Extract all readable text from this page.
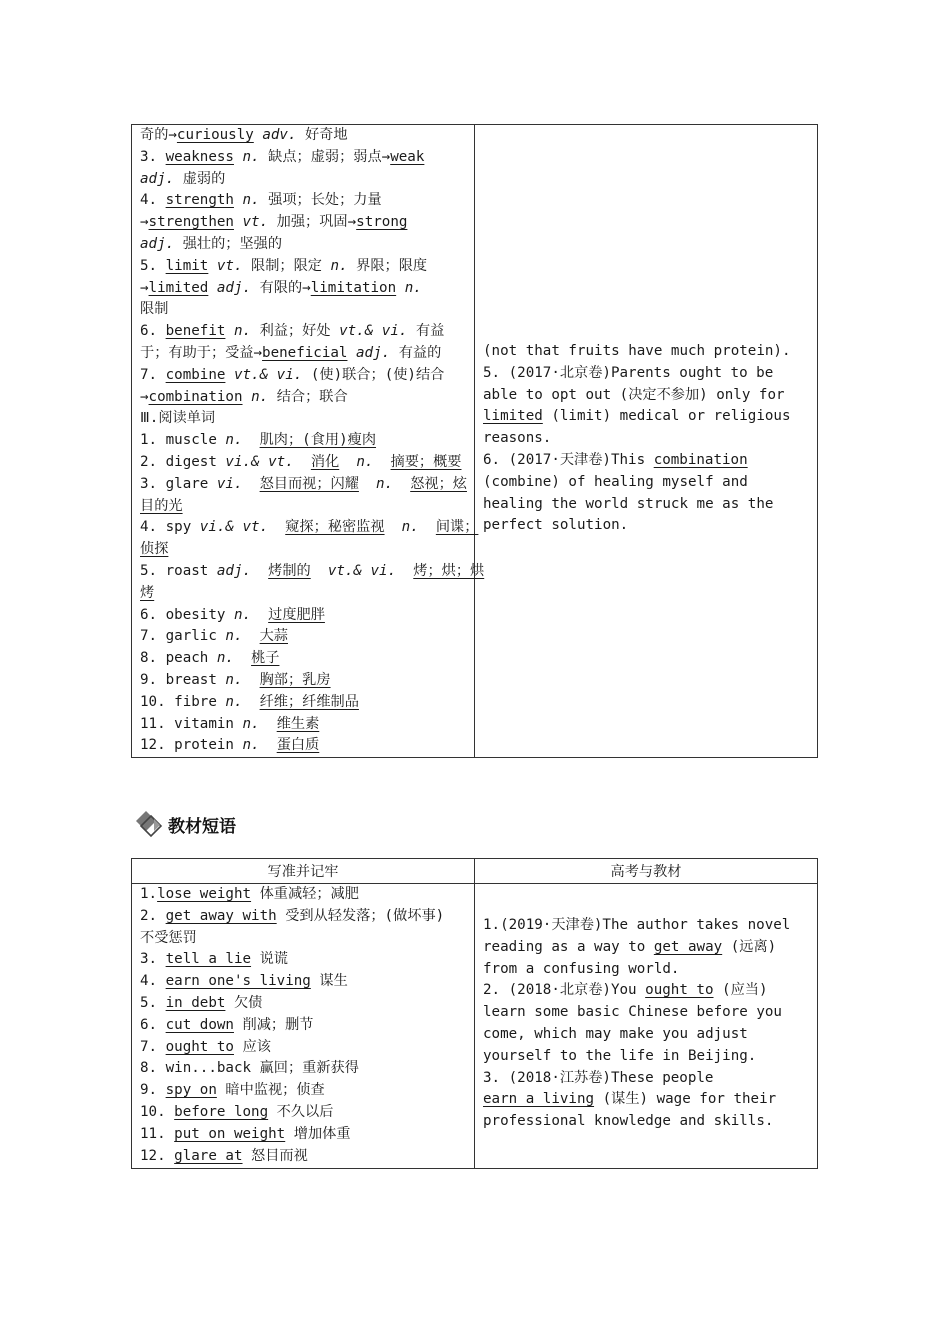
奇的→curiously adv. 好奇地
3. weakness n. 缺点；虚弱；弱点→weak
adj. 虚弱的
4. strength n. 强项；长处；力量
→strengthen vt. 加强；巩固→strong
adj. 强壮的；坚强的
5. limit vt. 限制；限定 n. 界限；限度
→limited adj. 有限的→limitation n.
限制
6. benefit n. 利益；好处 vt.& vi. 有益
于；有助于；受益→beneficial adj. 有益的
7. combine vt.& vi. (使)联合；(使)结合
→combination n. 结合；联合
Ⅲ.阅读单词
1. muscle n. 肌肉；(食用)瘦肉
2. digest vi.& vt. 消化 n. 摘要；概要
3. glare vi. 怒目而视；闪耀 n. 怒视；炫
目的光
4. spy vi.& vt. 窥探；秘密监视 n. 间谍；
侦探
5. roast adj. 烤制的 vt.& vi. 烤；烘；烘
烤
6. obesity n. 过度肥胖
7. garlic n. 大蒜
8. peach n. 桃子
9. breast n. 胸部；乳房
10. fibre n. 纤维；纤维制品
11. vitamin n. 维生素
12. protein n. 蛋白质
(not that fruits have much protein).
5. (2017·北京卷)Parents ought to be
able to opt out (决定不参加) only for
limited (limit) medical or religious
reasons.
6. (2017·天津卷)This combination
(combine) of healing myself and
healing the world struck me as the
perfect solution.
教材短语
写准并记牢	高考与教材
1.lose weight 体重减轻；减肥
2. get away with 受到从轻发落；(做坏事)
不受惩罚
3. tell a lie 说谎
4. earn one's living 谋生
5. in debt 欠债
6. cut down 削减；删节
7. ought to 应该
8. win...back 赢回；重新获得
9. spy on 暗中监视；侦查
10. before long 不久以后
11. put on weight 增加体重
12. glare at 怒目而视
1.(2019·天津卷)The author takes novel
reading as a way to get away (远离)
from a confusing world.
2. (2018·北京卷)You ought to (应当)
learn some basic Chinese before you
come, which may make you adjust
yourself to the life in Beijing.
3. (2018·江苏卷)These people
earn a living (谋生) wage for their
professional knowledge and skills.
